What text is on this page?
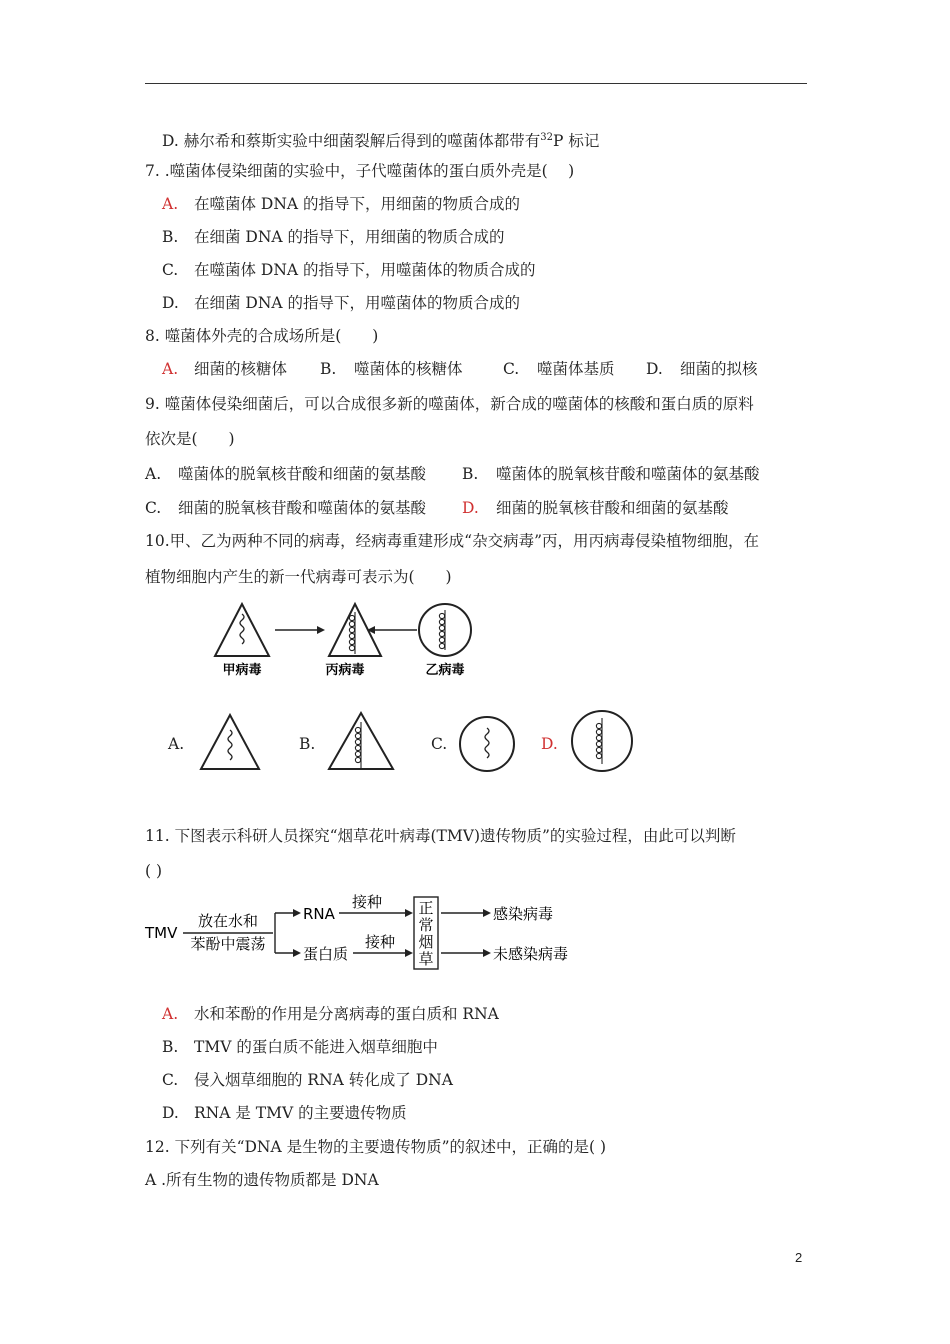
D. 赫尔希和蔡斯实验中细菌裂解后得到的噬菌体都带有$^{32}$P 标记
7. .噬菌体侵染细菌的实验中，子代噬菌体的蛋白质外壳是(　 )
A. 在噬菌体 DNA 的指导下，用细菌的物质合成的
B. 在细菌 DNA 的指导下，用细菌的物质合成的
C. 在噬菌体 DNA 的指导下，用噬菌体的物质合成的
D. 在细菌 DNA 的指导下，用噬菌体的物质合成的
8. 噬菌体外壳的合成场所是(　　)
A. 细菌的核糖体 B. 噬菌体的核糖体	C. 噬菌体基质 D. 细菌的拟核
9. 噬菌体侵染细菌后，可以合成很多新的噬菌体，新合成的噬菌体的核酸和蛋白质的原料
依次是(　　)
A. 噬菌体的脱氧核苷酸和细菌的氨基酸 B. 噬菌体的脱氧核苷酸和噬菌体的氨基酸
C. 细菌的脱氧核苷酸和噬菌体的氨基酸 D. 细菌的脱氧核苷酸和细菌的氨基酸
10.甲、乙为两种不同的病毒，经病毒重建形成“杂交病毒”丙，用丙病毒侵染植物细胞，在
植物细胞内产生的新一代病毒可表示为(　　)
甲病毒	丙病毒	乙病毒
A.	B.	C.	D.
11. 下图表示科研人员探究“烟草花叶病毒(TMV)遗传物质”的实验过程，由此可以判断
( )
TMV
放在水和
苯酚中震荡
RNA
蛋白质
接种
接种
正
常
烟
草
感染病毒
未感染病毒
A. 水和苯酚的作用是分离病毒的蛋白质和 RNA
B. TMV 的蛋白质不能进入烟草细胞中
C. 侵入烟草细胞的 RNA 转化成了 DNA
D. RNA 是 TMV 的主要遗传物质
12. 下列有关“DNA 是生物的主要遗传物质”的叙述中，正确的是( )
A .所有生物的遗传物质都是 DNA
2
